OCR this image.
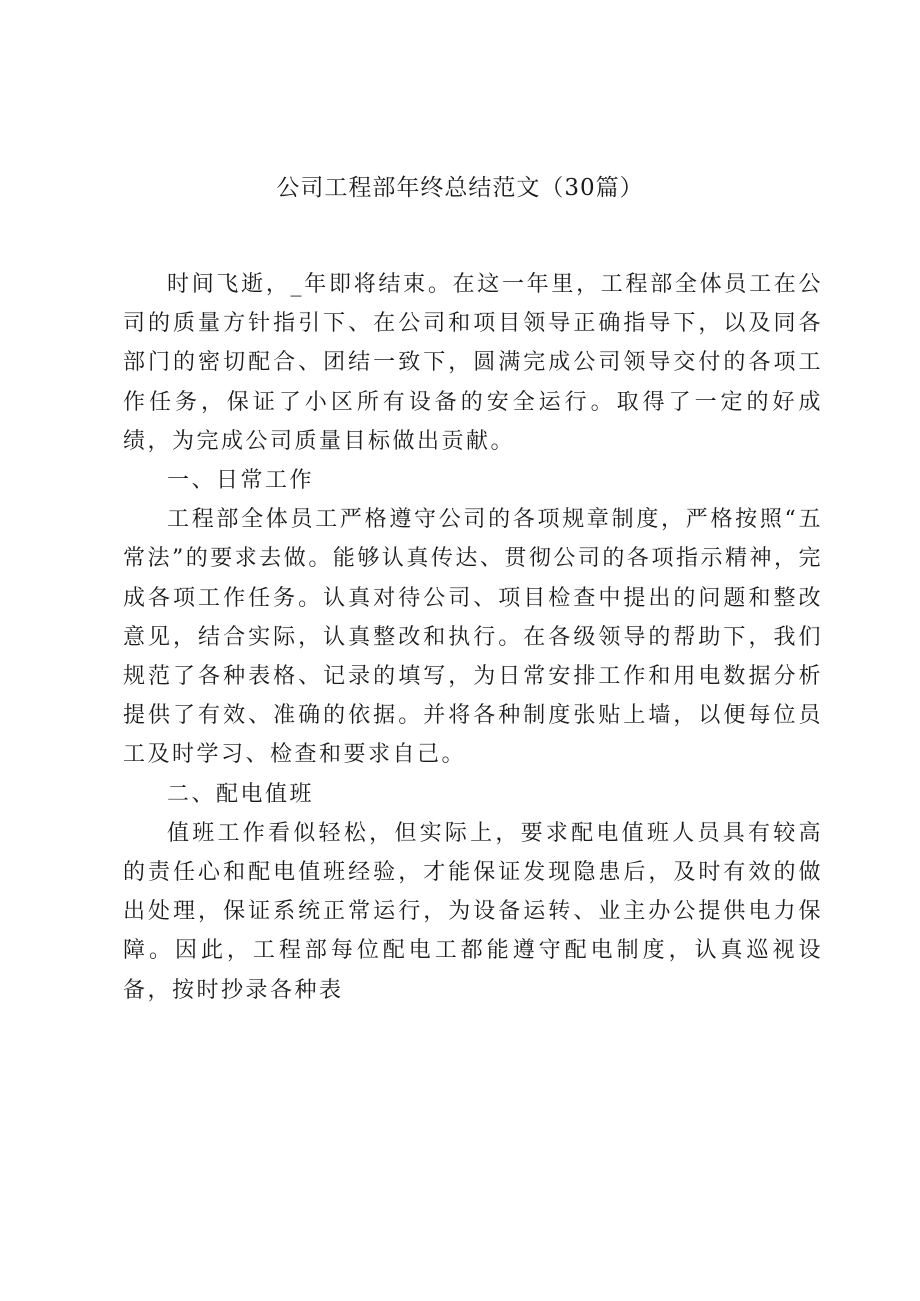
公司工程部年终总结范文（30篇）

时间飞逝，_年即将结束。在这一年里，工程部全体员工在公司的质量方针指引下、在公司和项目领导正确指导下，以及同各部门的密切配合、团结一致下，圆满完成公司领导交付的各项工作任务，保证了小区所有设备的安全运行。取得了一定的好成绩，为完成公司质量目标做出贡献。

一、日常工作

工程部全体员工严格遵守公司的各项规章制度，严格按照“五常法”的要求去做。能够认真传达、贯彻公司的各项指示精神，完成各项工作任务。认真对待公司、项目检查中提出的问题和整改意见，结合实际，认真整改和执行。在各级领导的帮助下，我们规范了各种表格、记录的填写，为日常安排工作和用电数据分析提供了有效、准确的依据。并将各种制度张贴上墙，以便每位员工及时学习、检查和要求自己。

二、配电值班

值班工作看似轻松，但实际上，要求配电值班人员具有较高的责任心和配电值班经验，才能保证发现隐患后，及时有效的做出处理，保证系统正常运行，为设备运转、业主办公提供电力保障。因此，工程部每位配电工都能遵守配电制度，认真巡视设备，按时抄录各种表
